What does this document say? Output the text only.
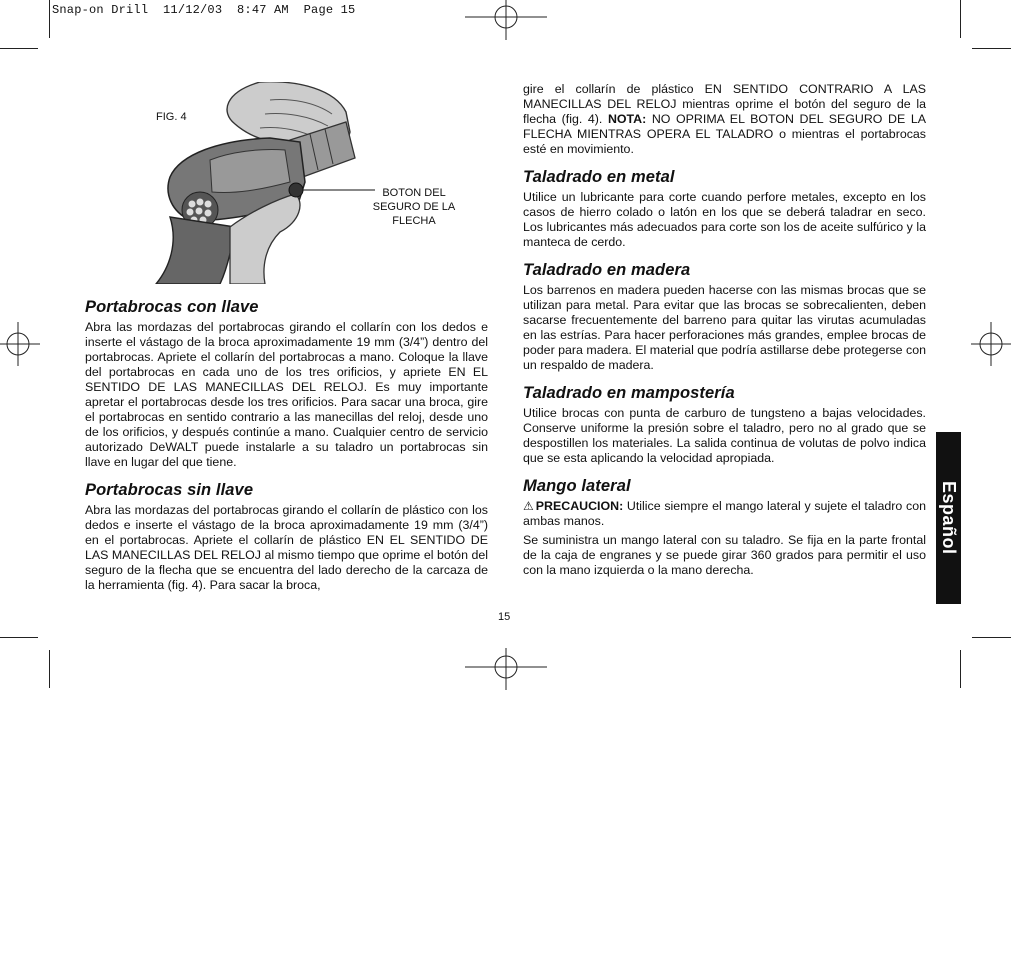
Snap-on Drill  11/12/03  8:47 AM  Page 15
FIG. 4
BOTON DEL
SEGURO DE LA
FLECHA
Portabrocas con llave

Abra las mordazas del portabrocas girando el collarín con los dedos e inserte el vástago de la broca aproximadamente 19 mm (3/4”) dentro del portabrocas. Apriete el collarín del portabrocas a mano. Coloque la llave del portabrocas en cada uno de los tres orificios, y apriete EN EL SENTIDO DE LAS MANECILLAS DEL RELOJ. Es muy importante apretar el portabrocas desde los tres orificios. Para sacar una broca, gire el portabrocas en sentido contrario a las manecillas del reloj, desde uno de los orificios, y después continúe a mano. Cualquier centro de servicio autorizado DeWALT puede instalarle a su taladro un portabrocas sin llave en lugar del que tiene.

Portabrocas sin llave

Abra las mordazas del portabrocas girando el collarín de plástico con los dedos e inserte el vástago de la broca aproximadamente 19 mm (3/4”) en el portabrocas. Apriete el collarín de plástico EN EL SENTIDO DE LAS MANECILLAS DEL RELOJ al mismo tiempo que oprime el botón del seguro de la flecha que se encuentra del lado derecho de la carcaza de la herramienta (fig. 4). Para sacar la broca,

gire el collarín de plástico EN SENTIDO CONTRARIO A LAS MANECILLAS DEL RELOJ mientras oprime el botón del seguro de la flecha (fig. 4). NOTA: NO OPRIMA EL BOTON DEL SEGURO DE LA FLECHA MIENTRAS OPERA EL TALADRO o mientras el portabrocas esté en movimiento.

Taladrado en metal

Utilice un lubricante para corte cuando perfore metales, excepto en los casos de hierro colado o latón en los que se deberá taladrar en seco. Los lubricantes más adecuados para corte son los de aceite sulfúrico y la manteca de cerdo.

Taladrado en madera

Los barrenos en madera pueden hacerse con las mismas brocas que se utilizan para metal. Para evitar que las brocas se sobrecalienten, deben sacarse frecuentemente del barreno para quitar las virutas acumuladas en las estrías. Para hacer perforaciones más grandes, emplee brocas de poder para madera. El material que podría astillarse debe protegerse con un respaldo de madera.

Taladrado en mampostería

Utilice brocas con punta de carburo de tungsteno a bajas velocidades. Conserve uniforme la presión sobre el taladro, pero no al grado que se despostillen los materiales. La salida continua de volutas de polvo indica que se esta aplicando la velocidad apropiada.

Mango lateral

⚠ PRECAUCION: Utilice siempre el mango lateral y sujete el taladro con ambas manos.

Se suministra un mango lateral con su taladro. Se fija en la parte frontal de la caja de engranes y se puede girar 360 grados para permitir el uso con la mano izquierda o la mano derecha.

15
Español
